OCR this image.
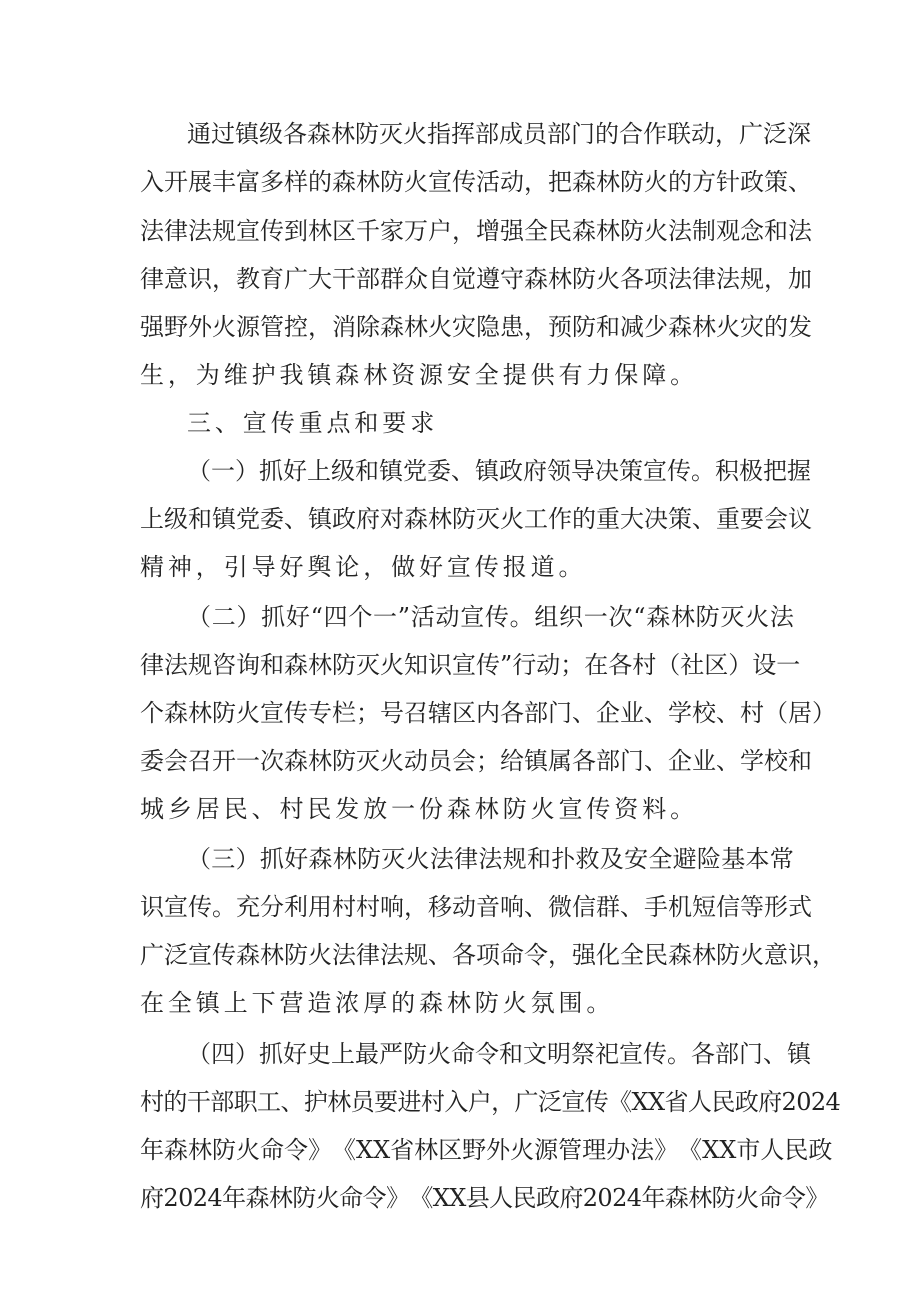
通 过 镇 级 各 森 林 防 灭 火 指 挥 部 成 员 部 门 的 合 作 联 动 ， 广 泛 深
入 开 展 丰 富 多 样 的 森 林 防 火 宣 传 活 动 ， 把 森 林 防 火 的 方 针 政 策 、
法 律 法 规 宣 传 到 林 区 千 家 万 户 ， 增 强 全 民 森 林 防 火 法 制 观 念 和 法
律 意 识 ， 教 育 广 大 干 部 群 众 自 觉 遵 守 森 林 防 火 各 项 法 律 法 规 ， 加
强 野 外 火 源 管 控 ， 消 除 森 林 火 灾 隐 患 ， 预 防 和 减 少 森 林 火 灾 的 发
生，为维护我镇森林资源安全提供有力保障。
三、宣传重点和要求
（ 一 ） 抓 好 上 级 和 镇 党 委 、 镇 政 府 领 导 决 策 宣 传 。 积 极 把 握
上 级 和 镇 党 委 、 镇 政 府 对 森 林 防 灭 火 工 作 的 重 大 决 策 、 重 要 会 议
精神，引导好舆论，做好宣传报道。
（ 二 ） 抓 好 “ 四 个 一 ” 活 动 宣 传 。 组 织 一 次 “ 森 林 防 灭 火 法
律 法 规 咨 询 和 森 林 防 灭 火 知 识 宣 传 ” 行 动 ； 在 各 村 （ 社 区 ） 设 一
个 森 林 防 火 宣 传 专 栏 ； 号 召 辖 区 内 各 部 门 、 企 业 、 学 校 、 村 （ 居 ）
委 会 召 开 一 次 森 林 防 灭 火 动 员 会 ； 给 镇 属 各 部 门 、 企 业 、 学 校 和
城乡居民、村民发放一份森林防火宣传资料。
（ 三 ） 抓 好 森 林 防 灭 火 法 律 法 规 和 扑 救 及 安 全 避 险 基 本 常
识 宣 传 。 充 分 利 用 村 村 响 ， 移 动 音 响 、 微 信 群 、 手 机 短 信 等 形 式
广 泛 宣 传 森 林 防 火 法 律 法 规 、 各 项 命 令 ， 强 化 全 民 森 林 防 火 意 识 ，
在全镇上下营造浓厚的森林防火氛围。
（ 四 ） 抓 好 史 上 最 严 防 火 命 令 和 文 明 祭 祀 宣 传 。 各 部 门 、 镇
村 的 干 部 职 工 、 护 林 员 要 进 村 入 户 ， 广 泛 宣 传 《 XX 省 人 民 政 府 2024
年 森 林 防 火 命 令 》 《 XX 省 林 区 野 外 火 源 管 理 办 法 》 《 XX 市 人 民 政
府 2024 年 森 林 防 火 命 令 》 《 XX 县 人 民 政 府 2024 年 森 林 防 火 命 令 》
